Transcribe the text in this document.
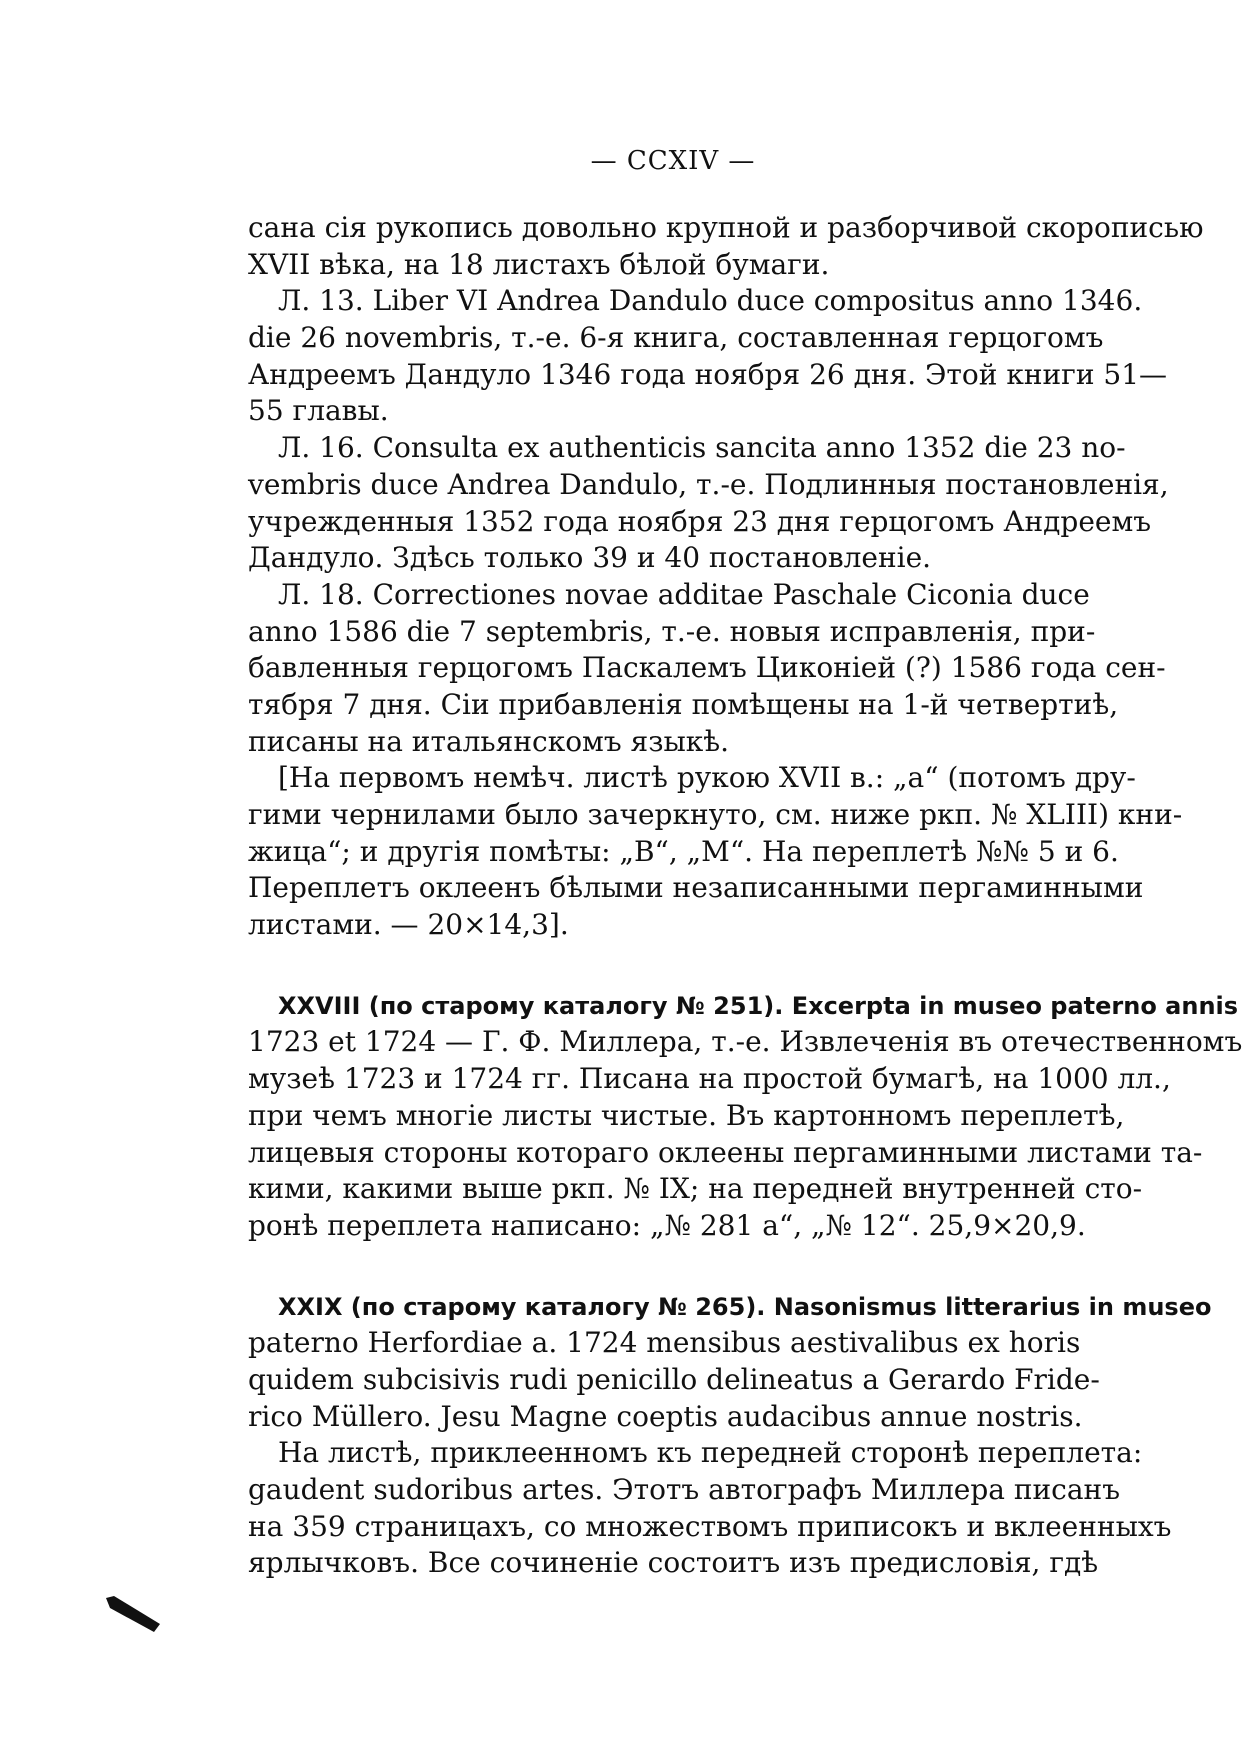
— CCXIV —
сана сія рукопись довольно крупной и разборчивой скорописью
XVII вѣка, на 18 листахъ бѣлой бумаги.
Л. 13. Liber VI Andrea Dandulo duce compositus anno 1346.
die 26 novembris, т.-е. 6-я книга, составленная герцогомъ
Андреемъ Дандуло 1346 года ноября 26 дня. Этой книги 51—
55 главы.
Л. 16. Consulta ex authenticis sancita anno 1352 die 23 no-
vembris duce Andrea Dandulo, т.-е. Подлинныя постановленія,
учрежденныя 1352 года ноября 23 дня герцогомъ Андреемъ
Дандуло. Здѣсь только 39 и 40 постановленіе.
Л. 18. Correctiones novae additae Paschale Ciconia duce
anno 1586 die 7 septembris, т.-е. новыя исправленія, при-
бавленныя герцогомъ Паскалемъ Циконіей (?) 1586 года сен-
тября 7 дня. Сіи прибавленія помѣщены на 1-й четвертиѣ,
писаны на итальянскомъ языкѣ.
[На первомъ нeмѣч. листѣ рукою XVII в.: „a“ (потомъ дру-
гими чернилами было зачеркнуто, см. ниже ркп. № XLIII) кни-
жица“; и другія помѣты: „B“, „M“. На переплетѣ №№ 5 и 6.
Переплетъ оклеенъ бѣлыми незаписанными пергаминными
листами. — 20×14,3].
XXVIII (по старому каталогу № 251). Excerpta in museo paterno annis
1723 et 1724 — Г. Ф. Миллера, т.-е. Извлеченія въ отечественномъ
музеѣ 1723 и 1724 гг. Писана на простой бумагѣ, на 1000 лл.,
при чемъ многіе листы чистые. Въ картонномъ переплетѣ,
лицевыя стороны котораго оклеены пергаминными листами та-
кими, какими выше ркп. № IX; на передней внутренней сто-
ронѣ переплета написано: „№ 281 a“, „№ 12“. 25,9×20,9.
XXIX (по старому каталогу № 265). Nasonismus litterarius in museo
paterno Herfordiae a. 1724 mensibus aestivalibus ex horis
quidem subcisivis rudi penicillo delineatus a Gerardo Fride-
rico Müllero. Jesu Magne coeptis audacibus annue nostris.
На листѣ, приклеенномъ къ передней сторонѣ переплета:
gaudent sudoribus artes. Этотъ автографъ Миллера писанъ
на 359 страницахъ, со множествомъ приписокъ и вклеенныхъ
ярлычковъ. Все сочиненіе состоитъ изъ предисловія, гдѣ
